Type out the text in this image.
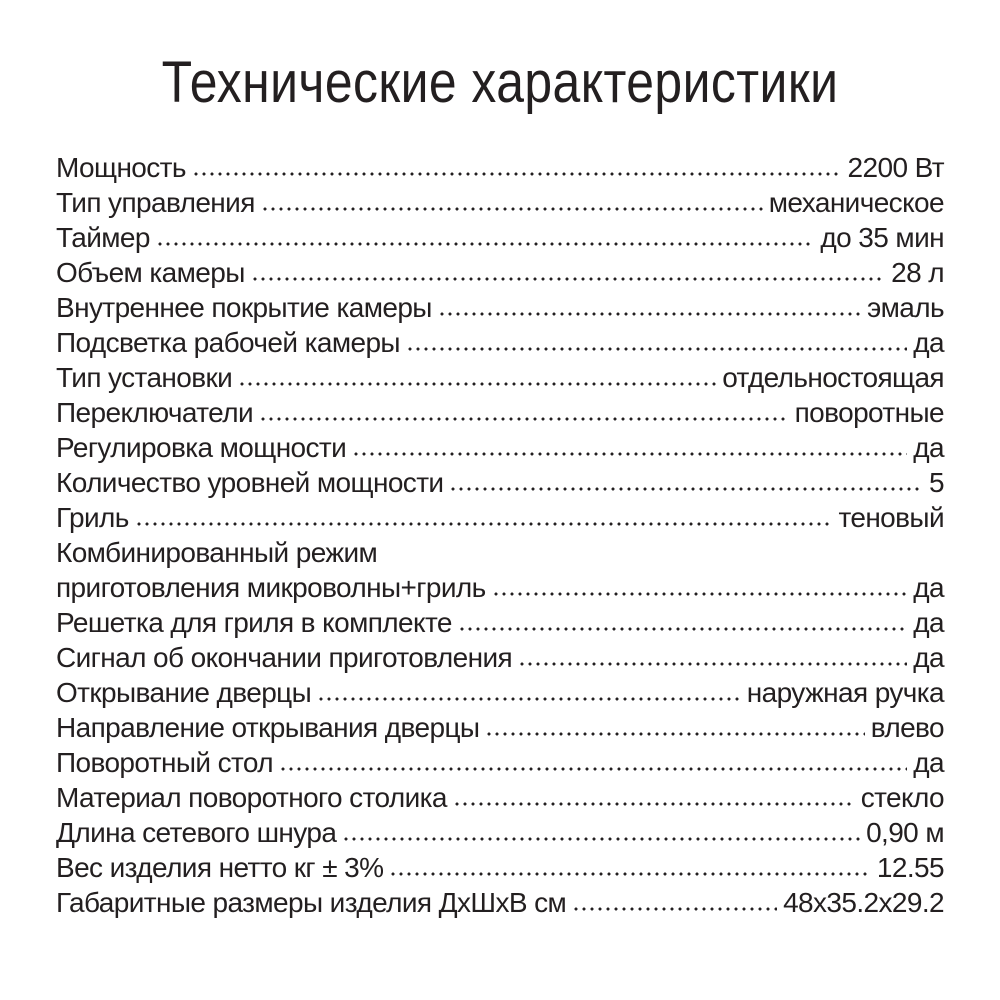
Технические характеристики
Мощность	2200 Вт
Тип управления	механическое
Таймер	до 35 мин
Объем камеры	28 л
Внутреннее покрытие камеры	эмаль
Подсветка рабочей камеры	да
Тип установки	отдельностоящая
Переключатели	поворотные
Регулировка мощности	да
Количество уровней мощности	5
Гриль	теновый
Комбинированный режим
приготовления микроволны+гриль	да
Решетка для гриля в комплекте	да
Сигнал об окончании приготовления	да
Открывание дверцы	наружная ручка
Направление открывания дверцы	влево
Поворотный стол	да
Материал поворотного столика	стекло
Длина сетевого шнура	0,90 м
Вес изделия нетто кг ± 3%	12.55
Габаритные размеры изделия ДхШхВ см	48x35.2x29.2
